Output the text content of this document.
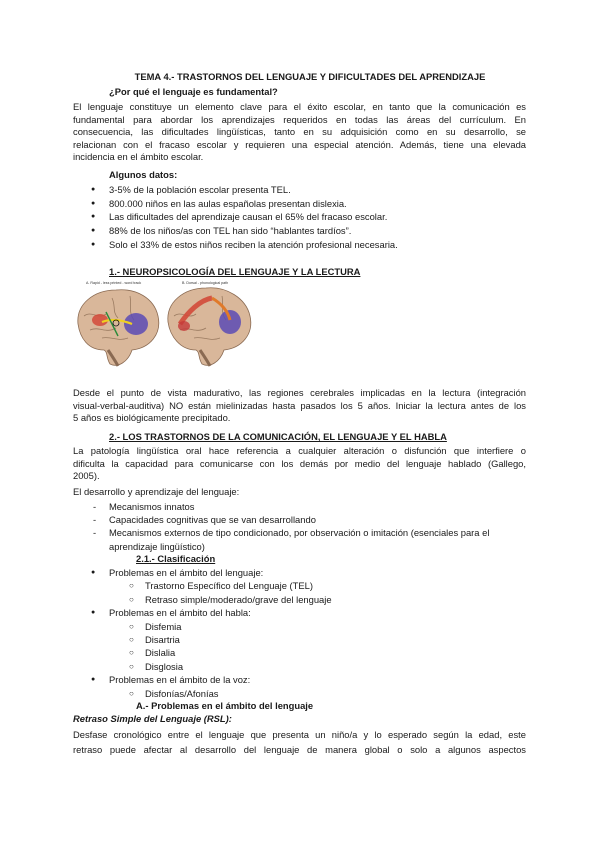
TEMA 4.- TRASTORNOS DEL LENGUAJE Y DIFICULTADES DEL APRENDIZAJE
¿Por qué el lenguaje es fundamental?
El lenguaje constituye un elemento clave para el éxito escolar, en tanto que la comunicación es
fundamental para abordar los aprendizajes requeridos en todas las áreas del currículum. En
consecuencia, las dificultades lingüísticas, tanto en su adquisición como en su desarrollo, se
relacionan con el fracaso escolar y requieren una especial atención. Además, tiene una elevada
incidencia en el ámbito escolar.
Algunos datos:
● 3-5% de la población escolar presenta TEL.
● 800.000 niños en las aulas españolas presentan dislexia.
● Las dificultades del aprendizaje causan el 65% del fracaso escolar.
● 88% de los niños/as con TEL han sido “hablantes tardíos”.
● Solo el 33% de estos niños reciben la atención profesional necesaria.
1.- NEUROPSICOLOGÍA DEL LENGUAJE Y LA LECTURA
A. Rapid - less printed - word track	B. Dorsal - phonological path
Desde el punto de vista madurativo, las regiones cerebrales implicadas en la lectura (integración
visual-verbal-auditiva) NO están mielinizadas hasta pasados los 5 años. Iniciar la lectura antes de los
5 años es biológicamente precipitado.
2.- LOS TRASTORNOS DE LA COMUNICACIÓN, EL LENGUAJE Y EL HABLA
La patología lingüística oral hace referencia a cualquier alteración o disfunción que interfiere o
dificulta la capacidad para comunicarse con los demás por medio del lenguaje hablado (Gallego,
2005).
El desarrollo y aprendizaje del lenguaje:
- Mecanismos innatos
- Capacidades cognitivas que se van desarrollando
- Mecanismos externos de tipo condicionado, por observación o imitación (esenciales para el
aprendizaje lingüístico)
2.1.- Clasificación
● Problemas en el ámbito del lenguaje:
○ Trastorno Específico del Lenguaje (TEL)
○ Retraso simple/moderado/grave del lenguaje
● Problemas en el ámbito del habla:
○ Disfemia
○ Disartria
○ Dislalia
○ Disglosia
● Problemas en el ámbito de la voz:
○ Disfonías/Afonías
A.- Problemas en el ámbito del lenguaje
Retraso Simple del Lenguaje (RSL):
Desfase cronológico entre el lenguaje que presenta un niño/a y lo esperado según la edad, este
retraso puede afectar al desarrollo del lenguaje de manera global o solo a algunos aspectos
